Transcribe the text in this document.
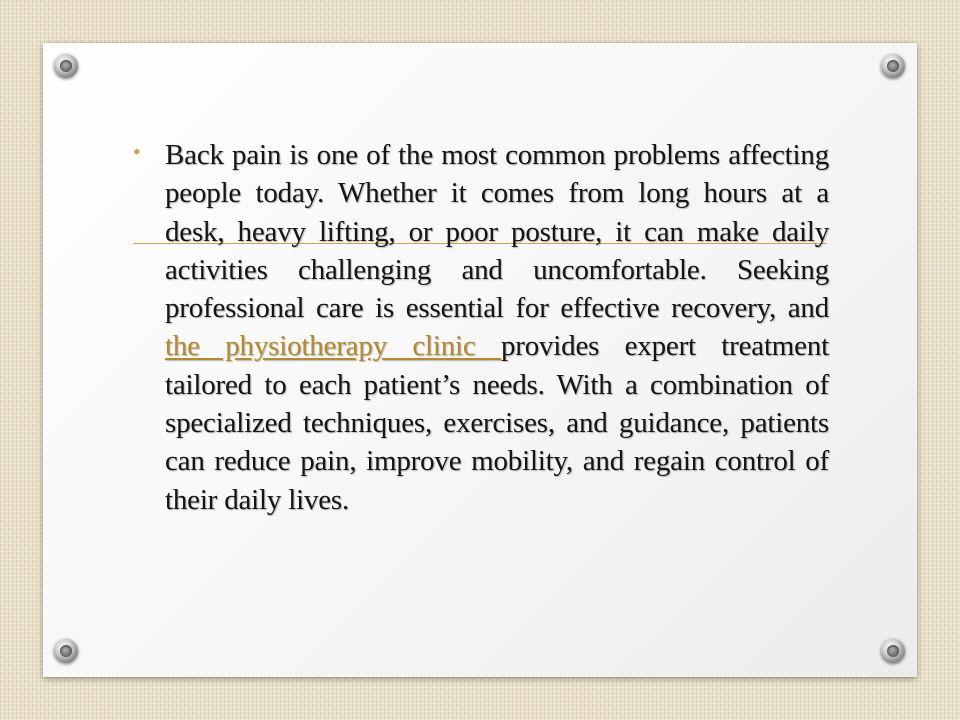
• Back pain is one of the most common problems affecting people today. Whether it comes from long hours at a desk, heavy lifting, or poor posture, it can make daily activities challenging and uncomfortable. Seeking professional care is essential for effective recovery, and the physiotherapy clinic provides expert treatment tailored to each patient’s needs. With a combination of specialized techniques, exercises, and guidance, patients can reduce pain, improve mobility, and regain control of their daily lives.
